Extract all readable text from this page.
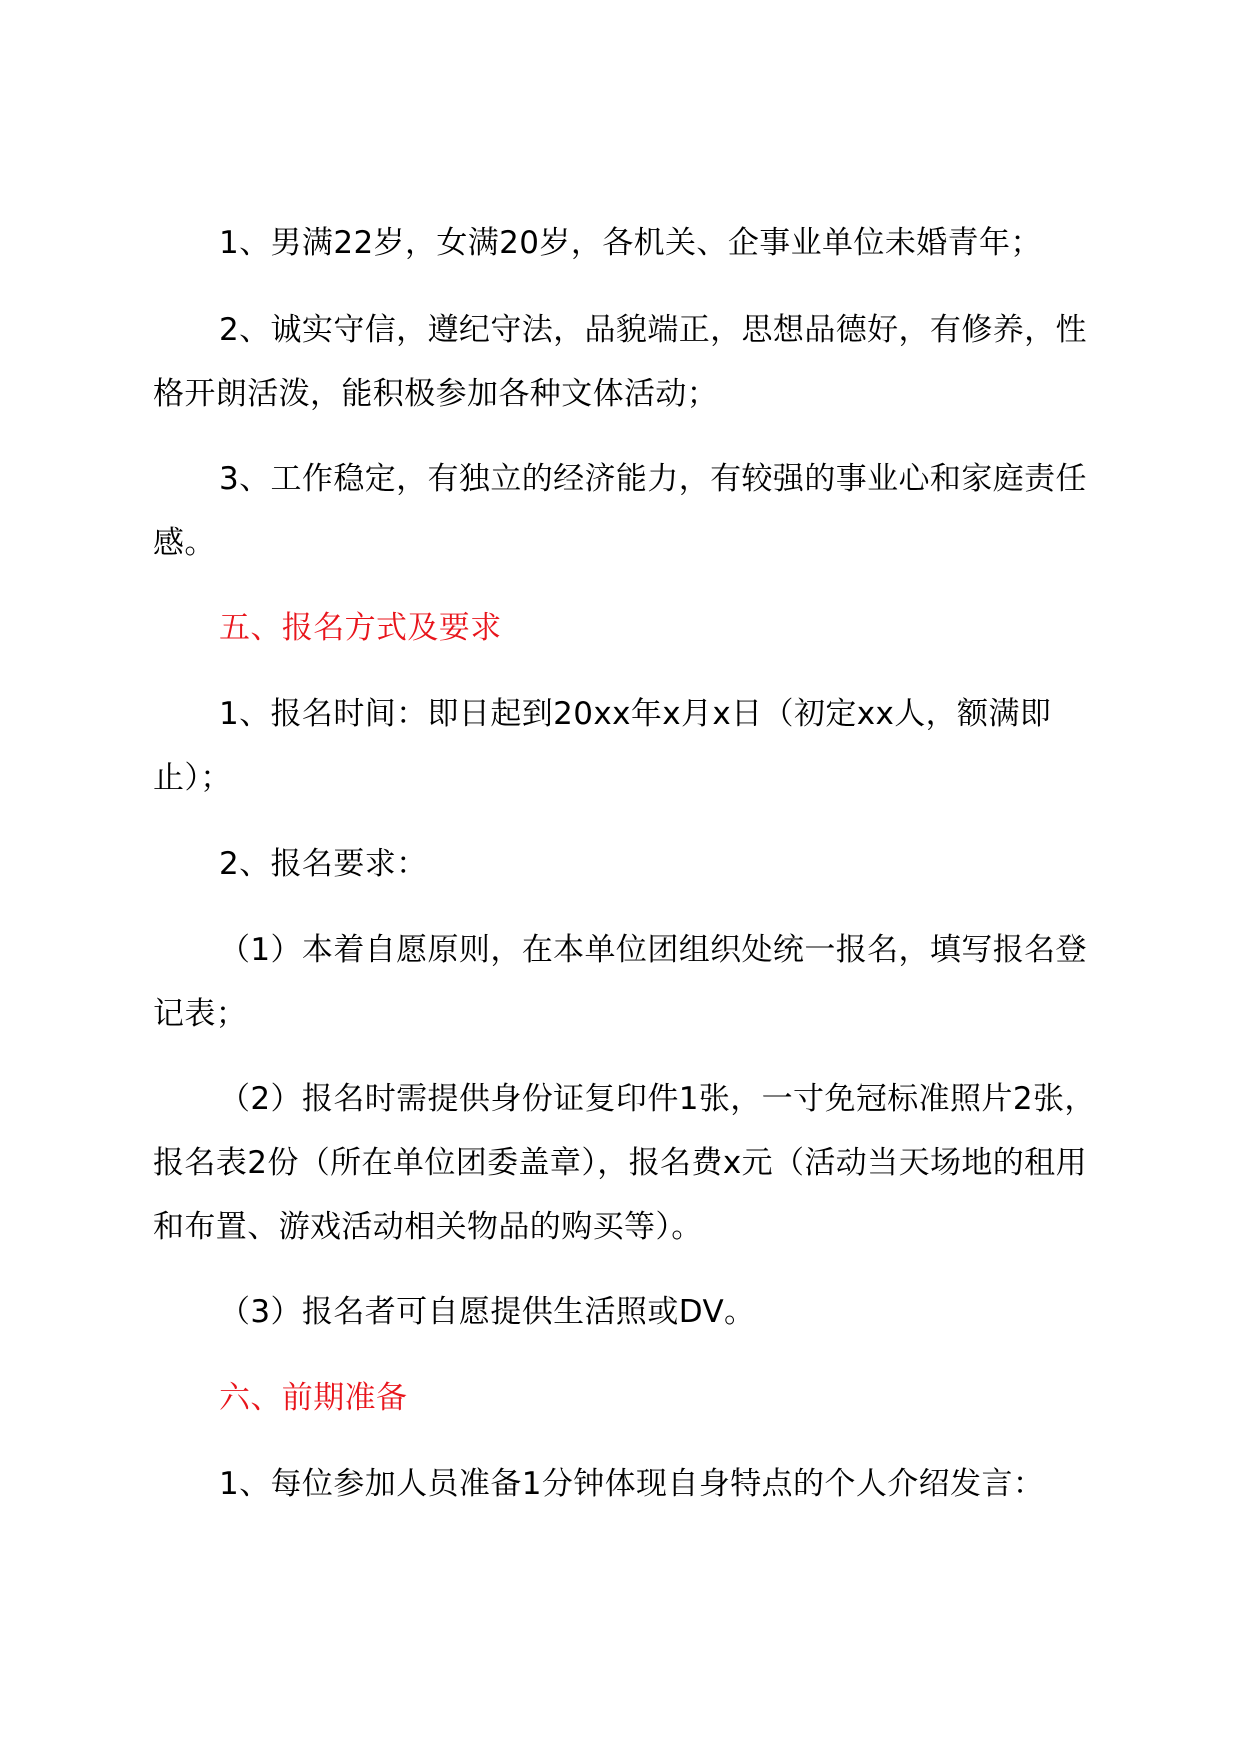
1、男满22岁，女满20岁，各机关、企事业单位未婚青年；

2、诚实守信，遵纪守法，品貌端正，思想品德好，有修养，性格开朗活泼，能积极参加各种文体活动；

3、工作稳定，有独立的经济能力，有较强的事业心和家庭责任感。

五、报名方式及要求

1、报名时间：即日起到20xx年x月x日（初定xx人，额满即止）；

2、报名要求：

（1）本着自愿原则，在本单位团组织处统一报名，填写报名登记表；

（2）报名时需提供身份证复印件1张，一寸免冠标准照片2张，报名表2份（所在单位团委盖章），报名费x元（活动当天场地的租用和布置、游戏活动相关物品的购买等）。

（3）报名者可自愿提供生活照或DV。

六、前期准备

1、每位参加人员准备1分钟体现自身特点的个人介绍发言：
